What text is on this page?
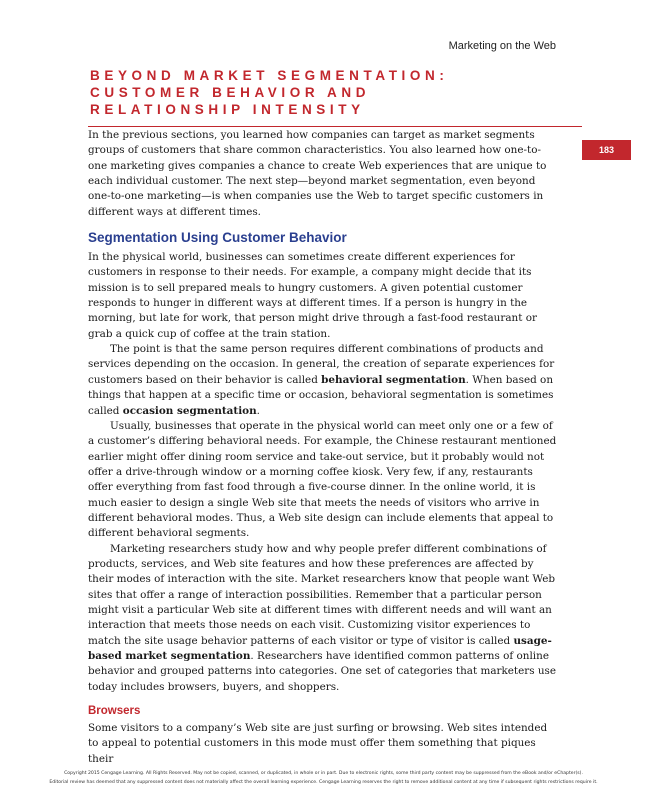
Marketing on the Web
BEYOND MARKET SEGMENTATION: CUSTOMER BEHAVIOR AND RELATIONSHIP INTENSITY
183

In the previous sections, you learned how companies can target as market segments groups of customers that share common characteristics. You also learned how one-to-one marketing gives companies a chance to create Web experiences that are unique to each individual customer. The next step—beyond market segmentation, even beyond one-to-one marketing—is when companies use the Web to target specific customers in different ways at different times.

Segmentation Using Customer Behavior

In the physical world, businesses can sometimes create different experiences for customers in response to their needs. For example, a company might decide that its mission is to sell prepared meals to hungry customers. A given potential customer responds to hunger in different ways at different times. If a person is hungry in the morning, but late for work, that person might drive through a fast-food restaurant or grab a quick cup of coffee at the train station.

The point is that the same person requires different combinations of products and services depending on the occasion. In general, the creation of separate experiences for customers based on their behavior is called behavioral segmentation. When based on things that happen at a specific time or occasion, behavioral segmentation is sometimes called occasion segmentation.

Usually, businesses that operate in the physical world can meet only one or a few of a customer’s differing behavioral needs. For example, the Chinese restaurant mentioned earlier might offer dining room service and take-out service, but it probably would not offer a drive-through window or a morning coffee kiosk. Very few, if any, restaurants offer everything from fast food through a five-course dinner. In the online world, it is much easier to design a single Web site that meets the needs of visitors who arrive in different behavioral modes. Thus, a Web site design can include elements that appeal to different behavioral segments.

Marketing researchers study how and why people prefer different combinations of products, services, and Web site features and how these preferences are affected by their modes of interaction with the site. Market researchers know that people want Web sites that offer a range of interaction possibilities. Remember that a particular person might visit a particular Web site at different times with different needs and will want an interaction that meets those needs on each visit. Customizing visitor experiences to match the site usage behavior patterns of each visitor or type of visitor is called usage-based market segmentation. Researchers have identified common patterns of online behavior and grouped patterns into categories. One set of categories that marketers use today includes browsers, buyers, and shoppers.

Browsers

Some visitors to a company’s Web site are just surfing or browsing. Web sites intended to appeal to potential customers in this mode must offer them something that piques their

Copyright 2015 Cengage Learning. All Rights Reserved. May not be copied, scanned, or duplicated, in whole or in part. Due to electronic rights, some third party content may be suppressed from the eBook and/or eChapter(s).
Editorial review has deemed that any suppressed content does not materially affect the overall learning experience. Cengage Learning reserves the right to remove additional content at any time if subsequent rights restrictions require it.
